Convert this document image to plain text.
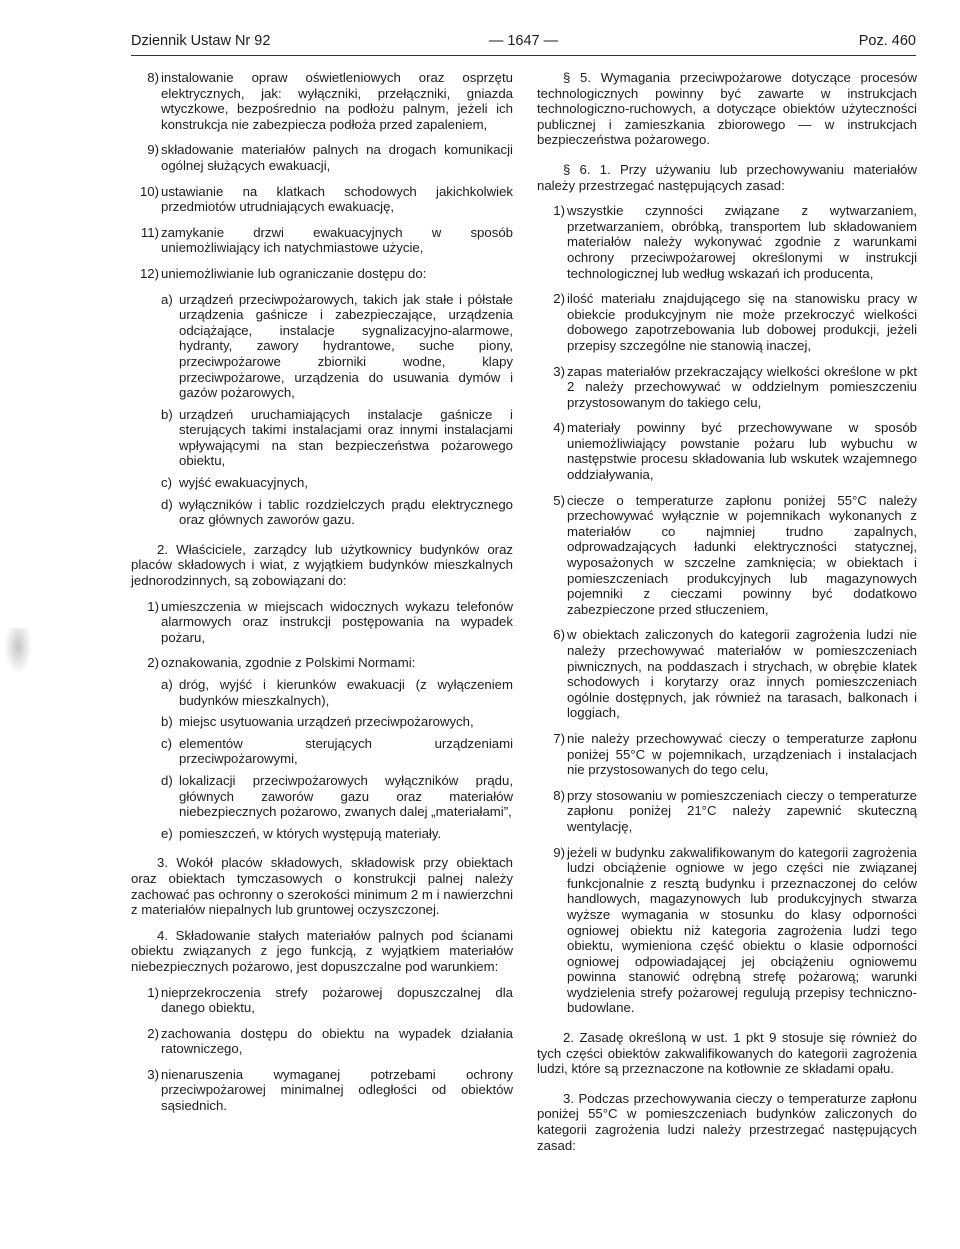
Dziennik Ustaw Nr 92	— 1647 —	Poz. 460
8) instalowanie opraw oświetleniowych oraz osprzętu elektrycznych, jak: wyłączniki, przełączniki, gniazda wtyczkowe, bezpośrednio na podłożu palnym, jeżeli ich konstrukcja nie zabezpiecza podłoża przed zapaleniem,
9) składowanie materiałów palnych na drogach komunikacji ogólnej służących ewakuacji,
10) ustawianie na klatkach schodowych jakichkolwiek przedmiotów utrudniających ewakuację,
11) zamykanie drzwi ewakuacyjnych w sposób uniemożliwiający ich natychmiastowe użycie,
12) uniemożliwianie lub ograniczanie dostępu do:
a) urządzeń przeciwpożarowych, takich jak stałe i półstałe urządzenia gaśnicze i zabezpieczające, urządzenia odciążające, instalacje sygnalizacyjno-alarmowe, hydranty, zawory hydrantowe, suche piony, przeciwpożarowe zbiorniki wodne, klapy przeciwpożarowe, urządzenia do usuwania dymów i gazów pożarowych,
b) urządzeń uruchamiających instalacje gaśnicze i sterujących takimi instalacjami oraz innymi instalacjami wpływającymi na stan bezpieczeństwa pożarowego obiektu,
c) wyjść ewakuacyjnych,
d) wyłączników i tablic rozdzielczych prądu elektrycznego oraz głównych zaworów gazu.
2. Właściciele, zarządcy lub użytkownicy budynków oraz placów składowych i wiat, z wyjątkiem budynków mieszkalnych jednorodzinnych, są zobowiązani do:
1) umieszczenia w miejscach widocznych wykazu telefonów alarmowych oraz instrukcji postępowania na wypadek pożaru,
2) oznakowania, zgodnie z Polskimi Normami:
a) dróg, wyjść i kierunków ewakuacji (z wyłączeniem budynków mieszkalnych),
b) miejsc usytuowania urządzeń przeciwpożarowych,
c) elementów sterujących urządzeniami przeciwpożarowymi,
d) lokalizacji przeciwpożarowych wyłączników prądu, głównych zaworów gazu oraz materiałów niebezpiecznych pożarowo, zwanych dalej „materiałami”,
e) pomieszczeń, w których występują materiały.
3. Wokół placów składowych, składowisk przy obiektach oraz obiektach tymczasowych o konstrukcji palnej należy zachować pas ochronny o szerokości minimum 2 m i nawierzchni z materiałów niepalnych lub gruntowej oczyszczonej.
4. Składowanie stałych materiałów palnych pod ścianami obiektu związanych z jego funkcją, z wyjątkiem materiałów niebezpiecznych pożarowo, jest dopuszczalne pod warunkiem:
1) nieprzekroczenia strefy pożarowej dopuszczalnej dla danego obiektu,
2) zachowania dostępu do obiektu na wypadek działania ratowniczego,
3) nienaruszenia wymaganej potrzebami ochrony przeciwpożarowej minimalnej odległości od obiektów sąsiednich.
§ 5. Wymagania przeciwpożarowe dotyczące procesów technologicznych powinny być zawarte w instrukcjach technologiczno-ruchowych, a dotyczące obiektów użyteczności publicznej i zamieszkania zbiorowego — w instrukcjach bezpieczeństwa pożarowego.
§ 6. 1. Przy używaniu lub przechowywaniu materiałów należy przestrzegać następujących zasad:
1) wszystkie czynności związane z wytwarzaniem, przetwarzaniem, obróbką, transportem lub składowaniem materiałów należy wykonywać zgodnie z warunkami ochrony przeciwpożarowej określonymi w instrukcji technologicznej lub według wskazań ich producenta,
2) ilość materiału znajdującego się na stanowisku pracy w obiekcie produkcyjnym nie może przekroczyć wielkości dobowego zapotrzebowania lub dobowej produkcji, jeżeli przepisy szczególne nie stanowią inaczej,
3) zapas materiałów przekraczający wielkości określone w pkt 2 należy przechowywać w oddzielnym pomieszczeniu przystosowanym do takiego celu,
4) materiały powinny być przechowywane w sposób uniemożliwiający powstanie pożaru lub wybuchu w następstwie procesu składowania lub wskutek wzajemnego oddziaływania,
5) ciecze o temperaturze zapłonu poniżej 55°C należy przechowywać wyłącznie w pojemnikach wykonanych z materiałów co najmniej trudno zapalnych, odprowadzających ładunki elektryczności statycznej, wyposażonych w szczelne zamknięcia; w obiektach i pomieszczeniach produkcyjnych lub magazynowych pojemniki z cieczami powinny być dodatkowo zabezpieczone przed stłuczeniem,
6) w obiektach zaliczonych do kategorii zagrożenia ludzi nie należy przechowywać materiałów w pomieszczeniach piwnicznych, na poddaszach i strychach, w obrębie klatek schodowych i korytarzy oraz innych pomieszczeniach ogólnie dostępnych, jak również na tarasach, balkonach i loggiach,
7) nie należy przechowywać cieczy o temperaturze zapłonu poniżej 55°C w pojemnikach, urządzeniach i instalacjach nie przystosowanych do tego celu,
8) przy stosowaniu w pomieszczeniach cieczy o temperaturze zapłonu poniżej 21°C należy zapewnić skuteczną wentylację,
9) jeżeli w budynku zakwalifikowanym do kategorii zagrożenia ludzi obciążenie ogniowe w jego części nie związanej funkcjonalnie z resztą budynku i przeznaczonej do celów handlowych, magazynowych lub produkcyjnych stwarza wyższe wymagania w stosunku do klasy odporności ogniowej obiektu niż kategoria zagrożenia ludzi tego obiektu, wymieniona część obiektu o klasie odporności ogniowej odpowiadającej jej obciążeniu ogniowemu powinna stanowić odrębną strefę pożarową; warunki wydzielenia strefy pożarowej regulują przepisy techniczno-budowlane.
2. Zasadę określoną w ust. 1 pkt 9 stosuje się również do tych części obiektów zakwalifikowanych do kategorii zagrożenia ludzi, które są przeznaczone na kotłownie ze składami opału.
3. Podczas przechowywania cieczy o temperaturze zapłonu poniżej 55°C w pomieszczeniach budynków zaliczonych do kategorii zagrożenia ludzi należy przestrzegać następujących zasad:
